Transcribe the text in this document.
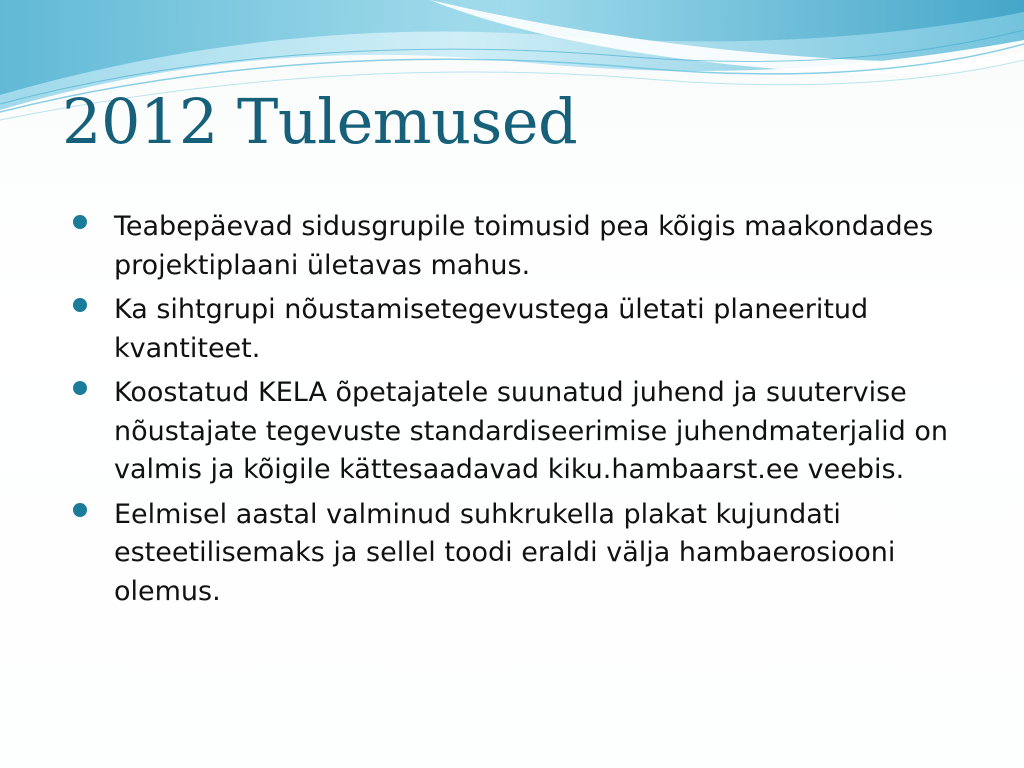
2012 Tulemused
Teabepäevad sidusgrupile toimusid pea kõigis maakondades projektiplaani ületavas mahus.
Ka sihtgrupi nõustamisetegevustega ületati planeeritud kvantiteet.
Koostatud KELA õpetajatele suunatud juhend ja suutervise nõustajate tegevuste standardiseerimise juhendmaterjalid on valmis ja kõigile kättesaadavad kiku.hambaarst.ee veebis.
Eelmisel aastal valminud suhkrukella plakat kujundati esteetilisemaks ja sellel toodi eraldi välja hambaerosiooni olemus.
